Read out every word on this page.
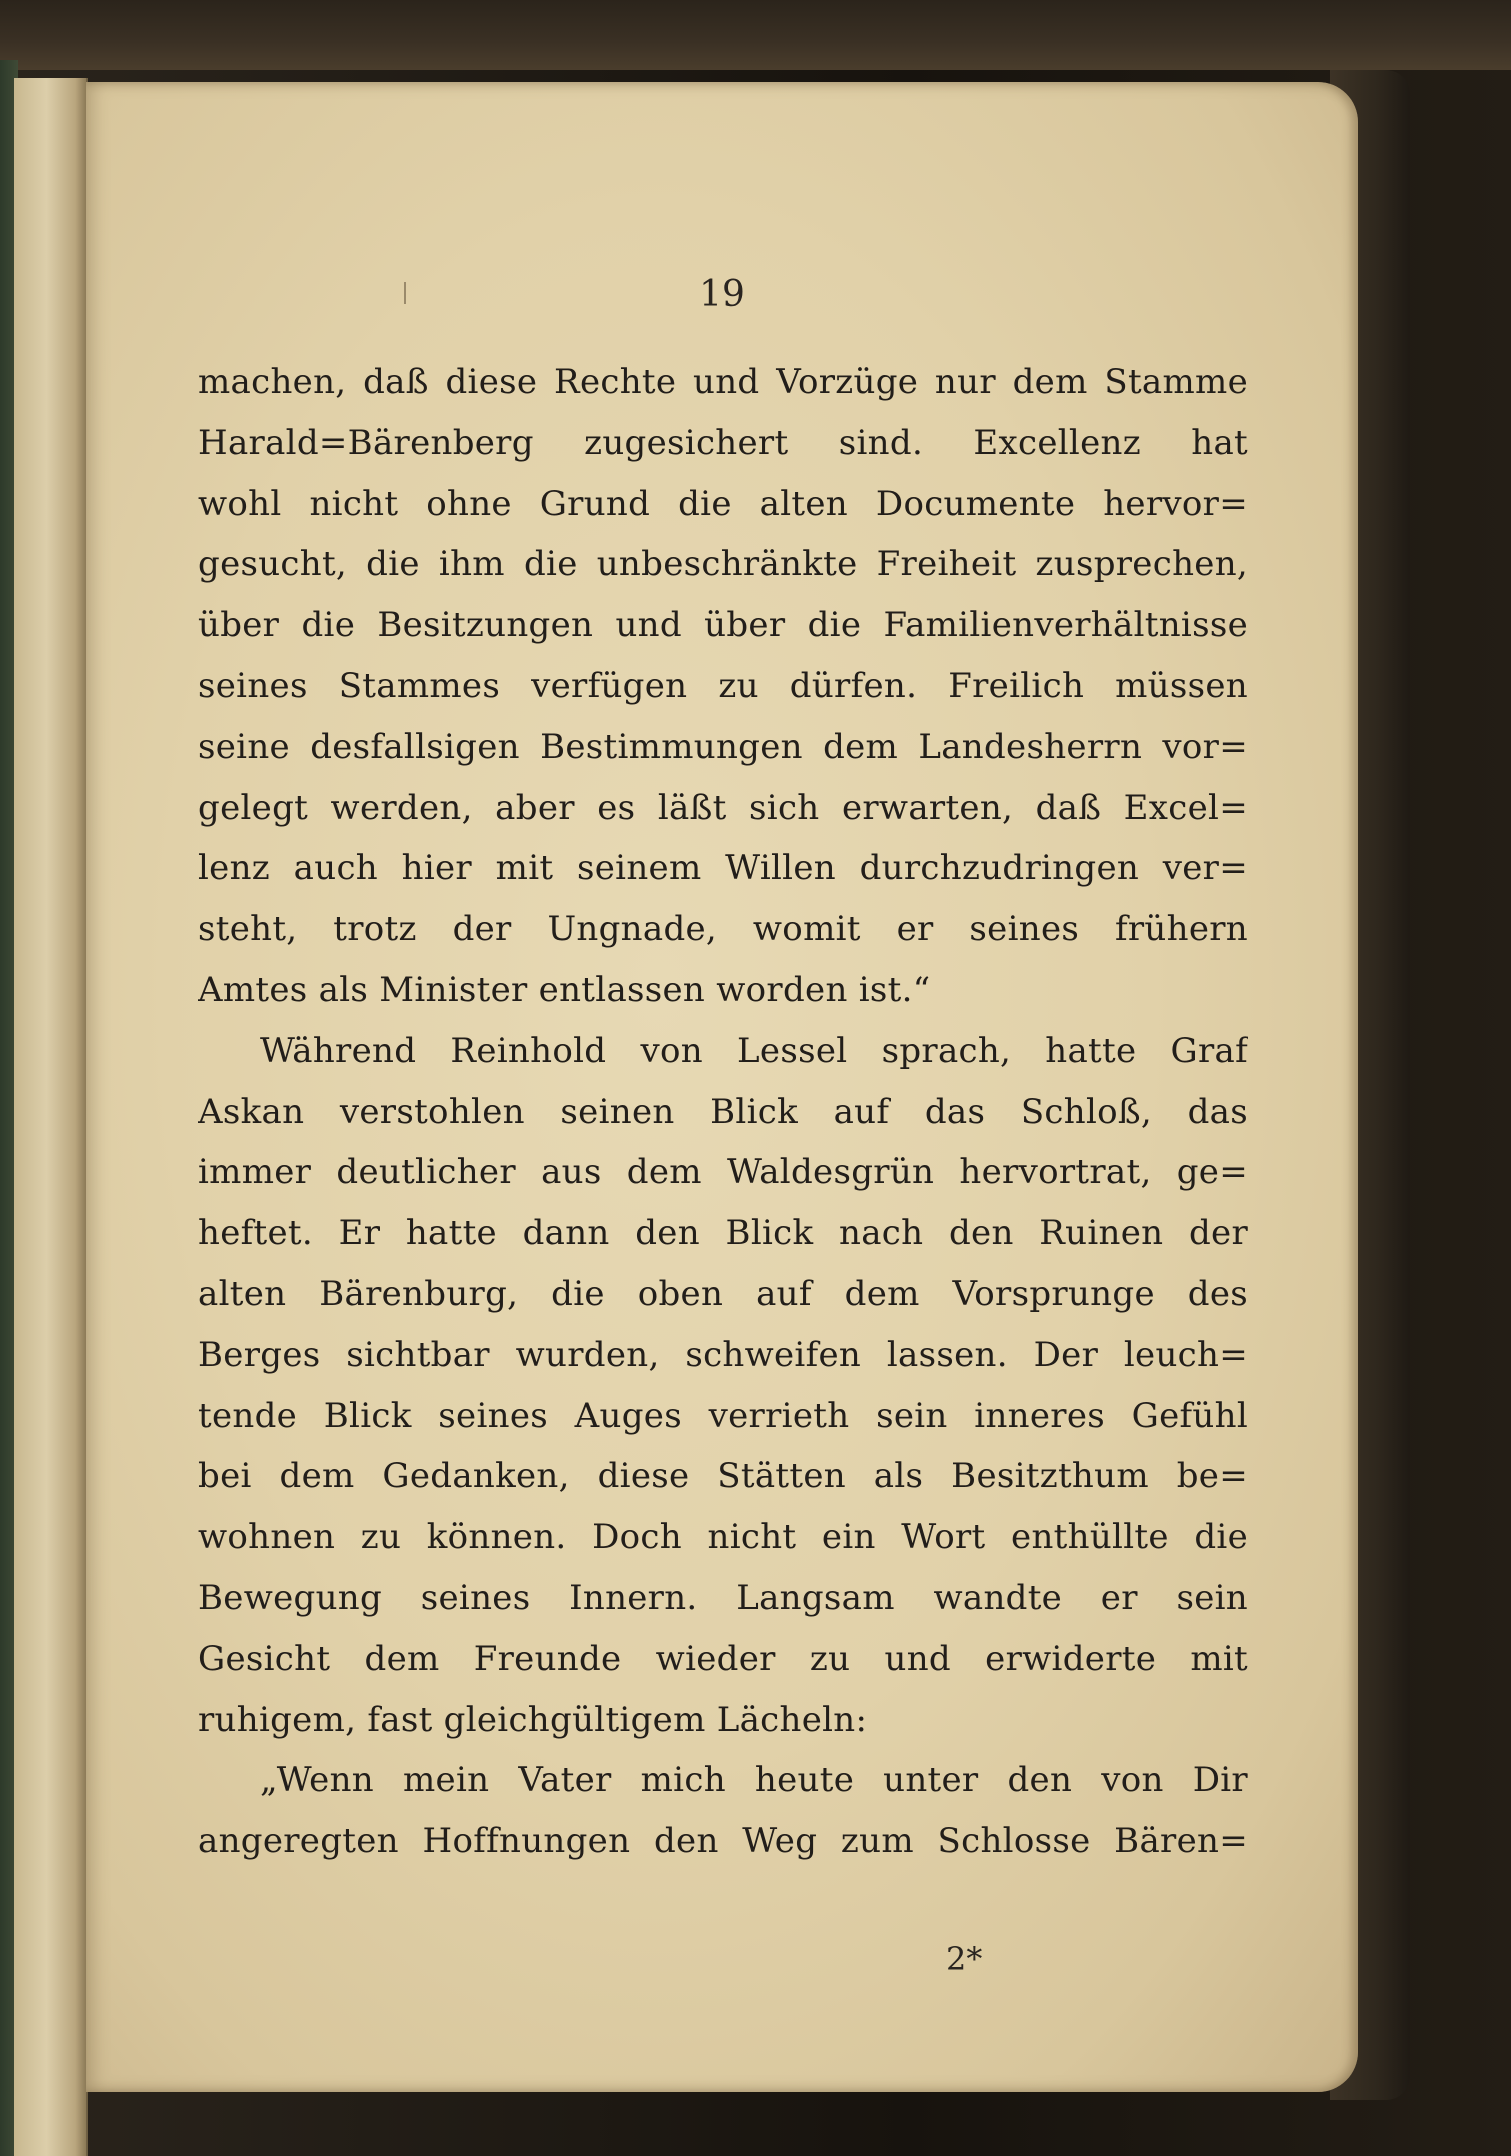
19
machen, daß diese Rechte und Vorzüge nur dem Stamme
Harald=Bärenberg zugesichert sind. Excellenz hat
wohl nicht ohne Grund die alten Documente hervor=
gesucht, die ihm die unbeschränkte Freiheit zusprechen,
über die Besitzungen und über die Familienverhältnisse
seines Stammes verfügen zu dürfen. Freilich müssen
seine desfallsigen Bestimmungen dem Landesherrn vor=
gelegt werden, aber es läßt sich erwarten, daß Excel=
lenz auch hier mit seinem Willen durchzudringen ver=
steht, trotz der Ungnade, womit er seines frühern
Amtes als Minister entlassen worden ist.“
Während Reinhold von Lessel sprach, hatte Graf
Askan verstohlen seinen Blick auf das Schloß, das
immer deutlicher aus dem Waldesgrün hervortrat, ge=
heftet. Er hatte dann den Blick nach den Ruinen der
alten Bärenburg, die oben auf dem Vorsprunge des
Berges sichtbar wurden, schweifen lassen. Der leuch=
tende Blick seines Auges verrieth sein inneres Gefühl
bei dem Gedanken, diese Stätten als Besitzthum be=
wohnen zu können. Doch nicht ein Wort enthüllte die
Bewegung seines Innern. Langsam wandte er sein
Gesicht dem Freunde wieder zu und erwiderte mit
ruhigem, fast gleichgültigem Lächeln:
„Wenn mein Vater mich heute unter den von Dir
angeregten Hoffnungen den Weg zum Schlosse Bären=
2*
